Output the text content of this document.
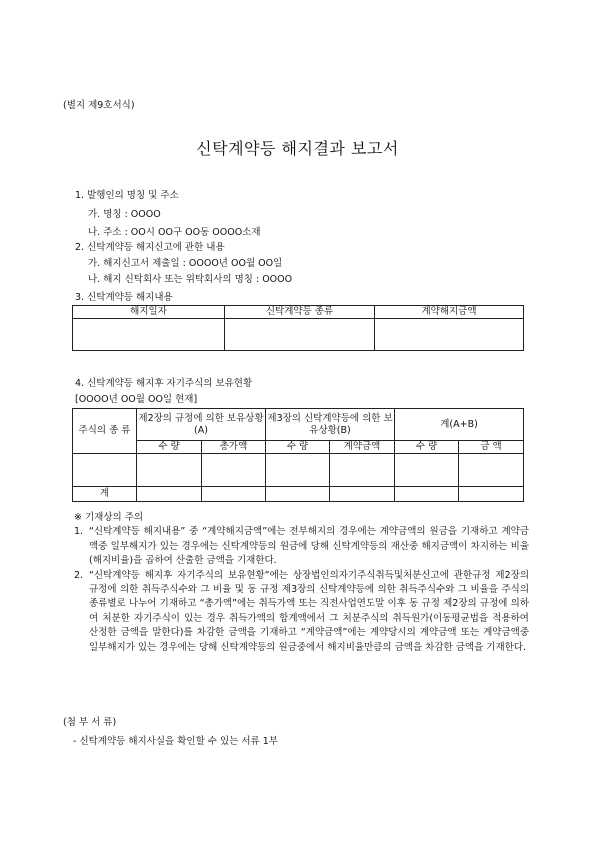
(별지 제9호서식)
신탁계약등 해지결과 보고서
1. 발행인의 명칭 및 주소
가. 명칭 : OOOO
나. 주소 : OO시 OO구 OO동 OOOO소재
2. 신탁계약등 해지신고에 관한 내용
가. 해지신고서 제출일 : OOOO년 OO월 OO일
나. 해지 신탁회사 또는 위탁회사의 명칭 : OOOO
3. 신탁계약등 해지내용
해지일자	신탁계약등 종류	계약해지금액

4. 신탁계약등 해지후 자기주식의 보유현황
[OOOO년 OO월 OO일 현재]
주식의 종 류	제2장의 규정에 의한 보유상황(A)		제3장의 신탁계약등에 의한 보유상황(B)		계(A+B)	
	수 량	총가액	수 량	계약금액	수 량	금 액

계						
※ 기재상의 주의
1. “신탁계약등 해지내용” 중 “계약해지금액”에는 전부해지의 경우에는 계약금액의 원금을 기재하고 계약금액중 일부해지가 있는 경우에는 신탁계약등의 원금에 당해 신탁계약등의 재산중 해지금액이 차지하는 비율(해지비율)을 곱하여 산출한 금액을 기재한다.
2. “신탁계약등 해지후 자기주식의 보유현황”에는 상장법인의자기주식취득및처분신고에 관한규정 제2장의 규정에 의한 취득주식수와 그 비율 및 동 규정 제3장의 신탁계약등에 의한 취득주식수와 그 비율을 주식의 종류별로 나누어 기재하고 “총가액”에는 취득가액 또는 직전사업연도말 이후 동 규정 제2장의 규정에 의하여 처분한 자기주식이 있는 경우 취득가액의 합계액에서 그 처분주식의 취득원가(이동평균법을 적용하여 산정한 금액을 말한다)를 차감한 금액을 기재하고 “계약금액”에는 계약당시의 계약금액 또는 계약금액중 일부해지가 있는 경우에는 당해 신탁계약등의 원금중에서 해지비율만큼의 금액을 차감한 금액을 기재한다.
(첨 부 서 류)
- 신탁계약등 해지사실을 확인할 수 있는 서류 1부
